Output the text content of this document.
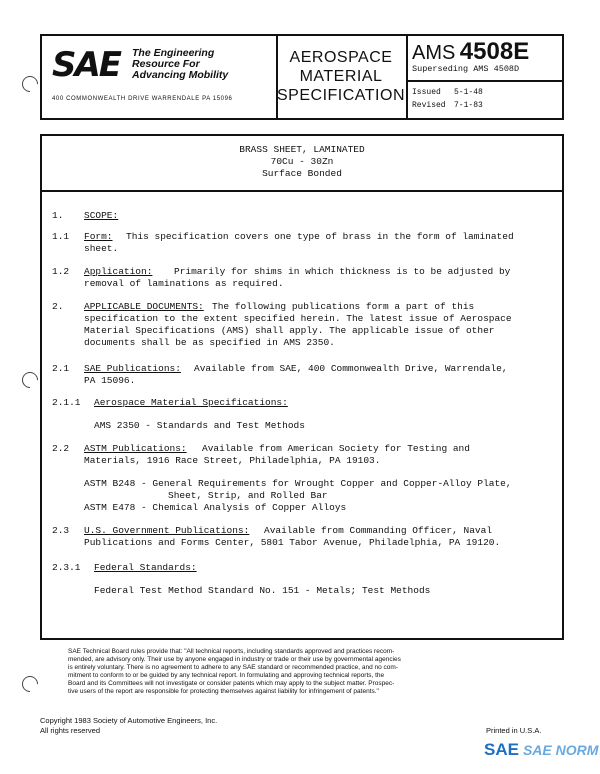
SAE The Engineering
Resource For
Advancing Mobility
400 COMMONWEALTH DRIVE WARRENDALE PA 15096
AEROSPACE
MATERIAL
SPECIFICATION
AMS 4508E
Superseding AMS 4508D
Issued 5-1-48
Revised 7-1-83
BRASS SHEET, LAMINATED
70Cu - 30Zn
Surface Bonded
1. SCOPE:
1.1 Form: This specification covers one type of brass in the form of laminated
sheet.
1.2 Application: Primarily for shims in which thickness is to be adjusted by
removal of laminations as required.
2. APPLICABLE DOCUMENTS: The following publications form a part of this
specification to the extent specified herein. The latest issue of Aerospace
Material Specifications (AMS) shall apply. The applicable issue of other
documents shall be as specified in AMS 2350.
2.1 SAE Publications: Available from SAE, 400 Commonwealth Drive, Warrendale,
PA 15096.
2.1.1 Aerospace Material Specifications:
AMS 2350 - Standards and Test Methods
2.2 ASTM Publications: Available from American Society for Testing and
Materials, 1916 Race Street, Philadelphia, PA 19103.
ASTM B248 - General Requirements for Wrought Copper and Copper-Alloy Plate,
Sheet, Strip, and Rolled Bar
ASTM E478 - Chemical Analysis of Copper Alloys
2.3 U.S. Government Publications: Available from Commanding Officer, Naval
Publications and Forms Center, 5801 Tabor Avenue, Philadelphia, PA 19120.
2.3.1 Federal Standards:
Federal Test Method Standard No. 151 - Metals; Test Methods
SAE Technical Board rules provide that: "All technical reports, including standards approved and practices recom-
mended, are advisory only. Their use by anyone engaged in industry or trade or their use by governmental agencies
is entirely voluntary. There is no agreement to adhere to any SAE standard or recommended practice, and no com-
mitment to conform to or be guided by any technical report. In formulating and approving technical reports, the
Board and its Committees will not investigate or consider patents which may apply to the subject matter. Prospec-
tive users of the report are responsible for protecting themselves against liability for infringement of patents."
Copyright 1983 Society of Automotive Engineers, Inc.
All rights reserved	Printed in U.S.A.
SAE SAE NORM
